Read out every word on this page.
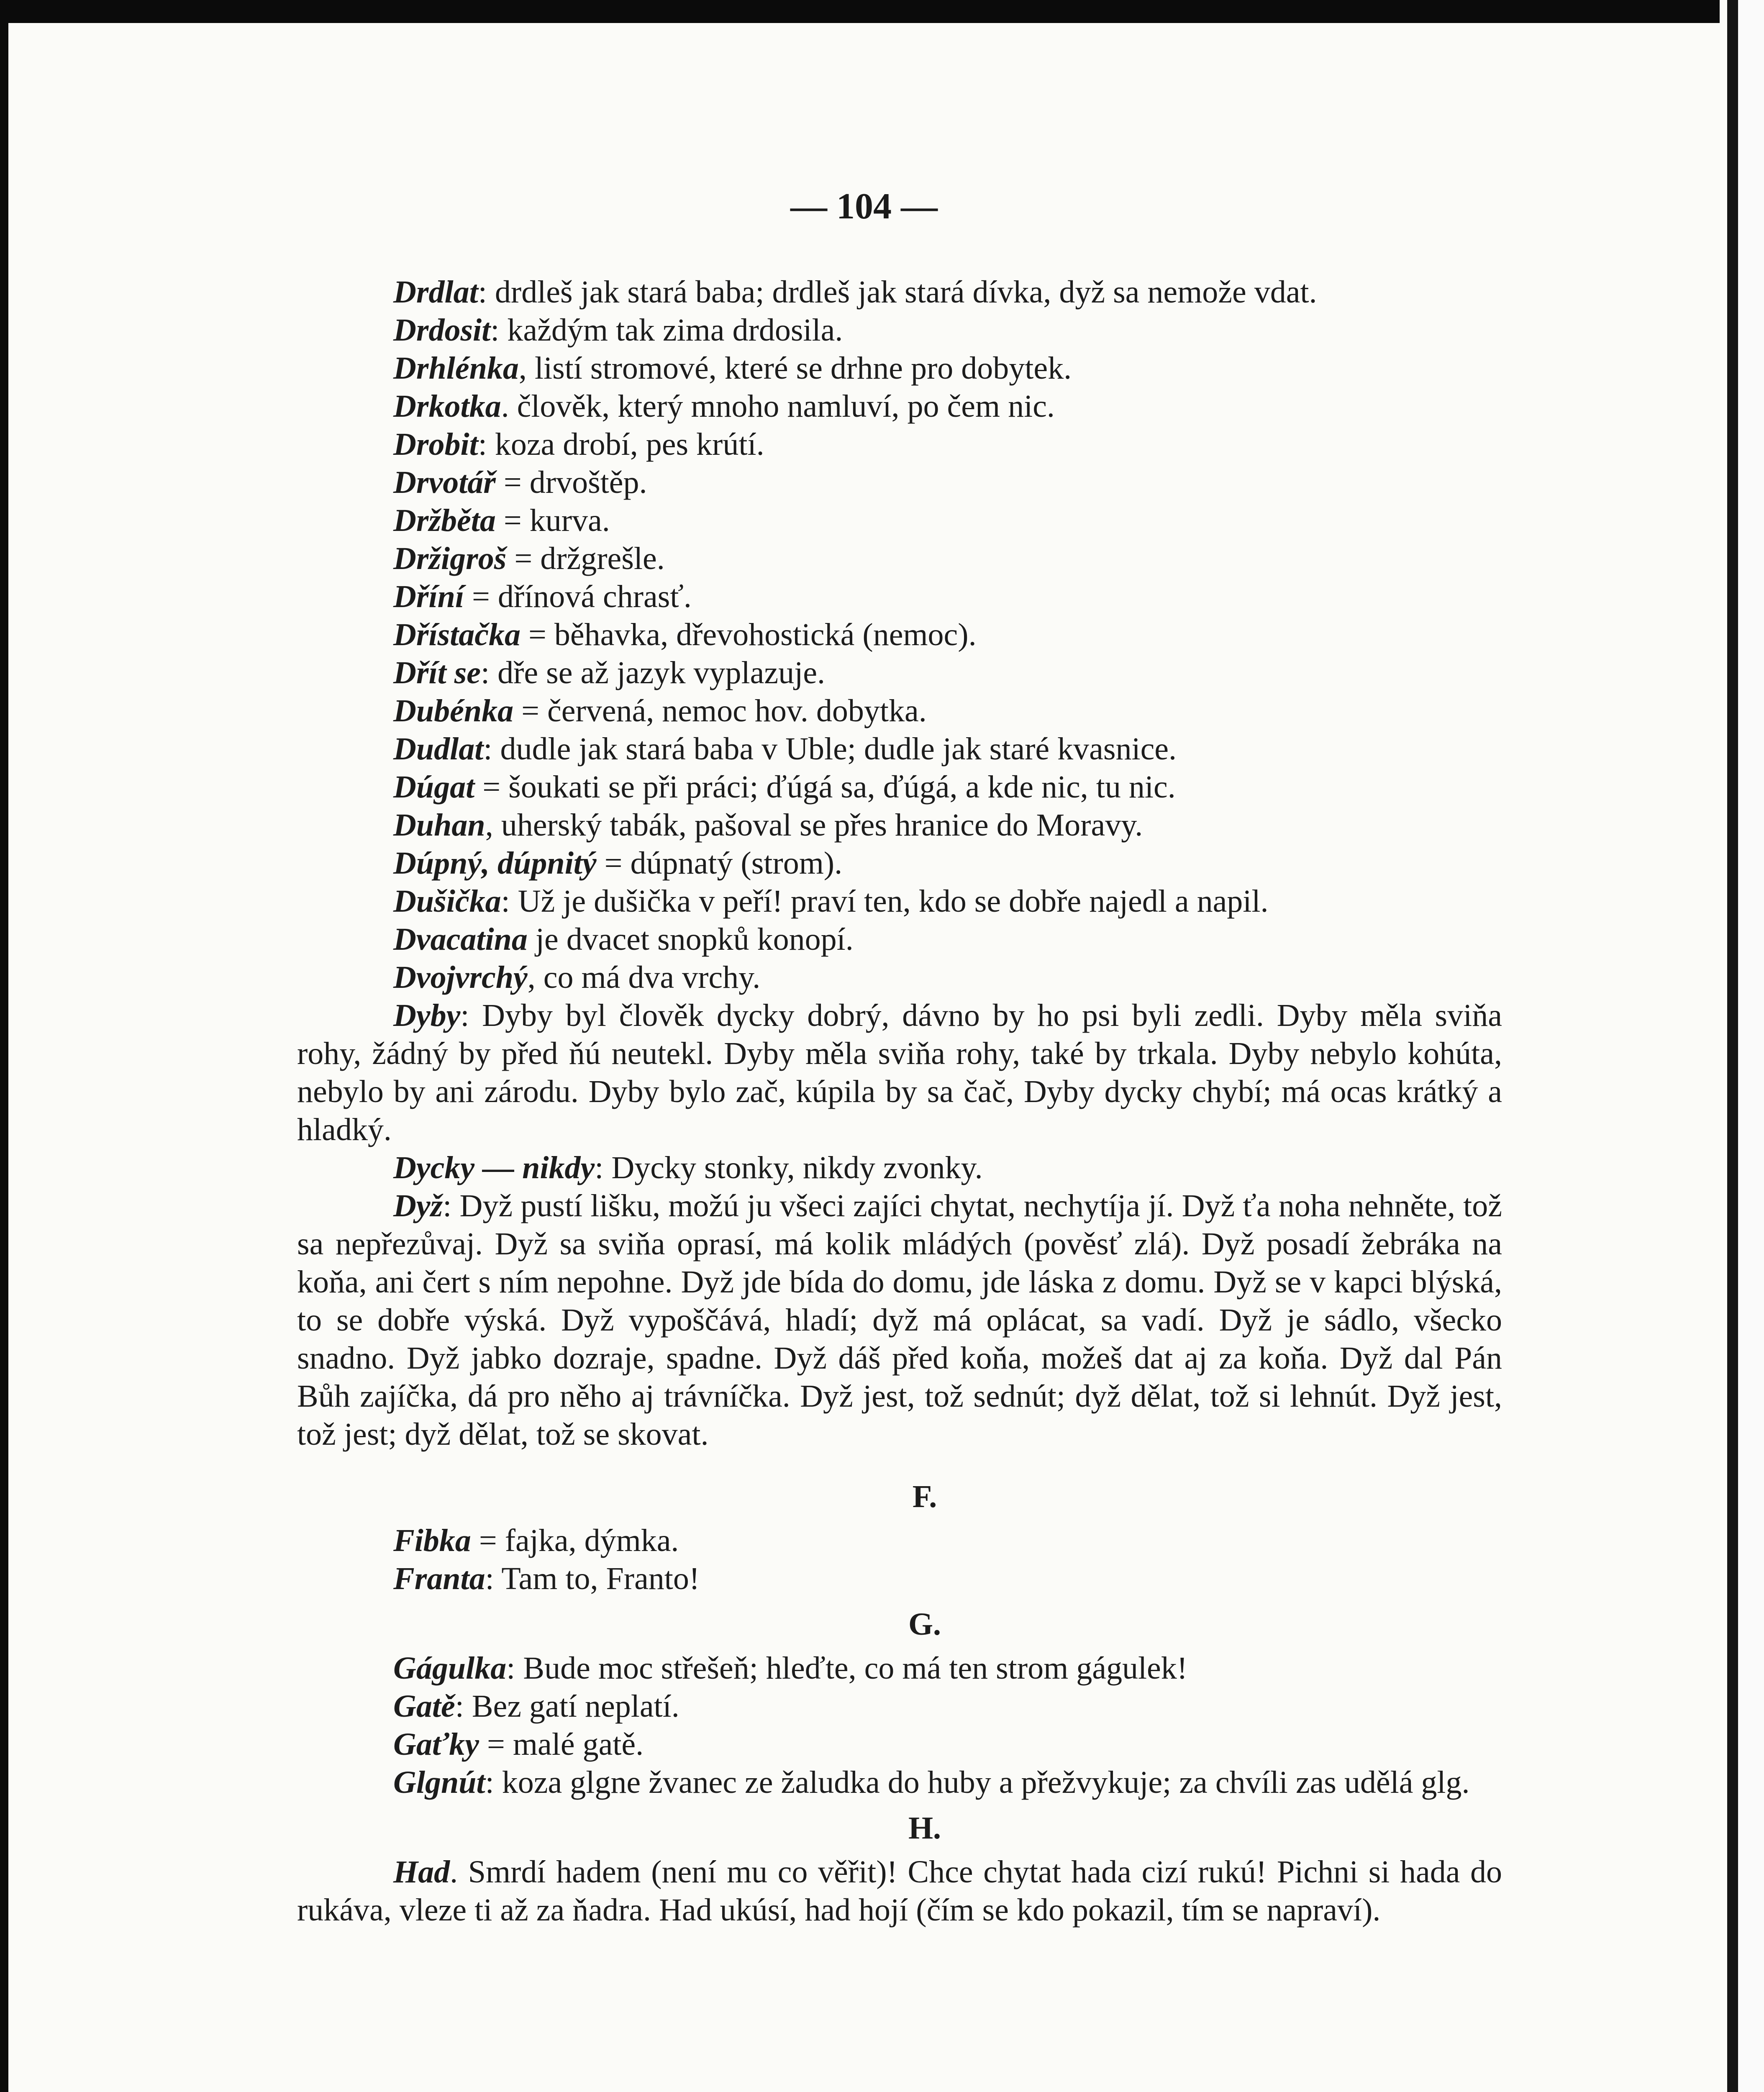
— 104 —

Drdlat: drdleš jak stará baba; drdleš jak stará dívka, dyž sa nemože vdat.

Drdosit: každým tak zima drdosila.

Drhlénka, listí stromové, které se drhne pro dobytek.

Drkotka. člověk, který mnoho namluví, po čem nic.

Drobit: koza drobí, pes krútí.

Drvotář = drvoštěp.

Držběta = kurva.

Držigroš = držgrešle.

Dříní = dřínová chrasť.

Dřístačka = běhavka, dřevohostická (nemoc).

Dřít se: dře se až jazyk vyplazuje.

Dubénka = červená, nemoc hov. dobytka.

Dudlat: dudle jak stará baba v Uble; dudle jak staré kvasnice.

Dúgat = šoukati se při práci; ďúgá sa, ďúgá, a kde nic, tu nic.

Duhan, uherský tabák, pašoval se přes hranice do Moravy.

Dúpný, dúpnitý = dúpnatý (strom).

Dušička: Už je dušička v peří! praví ten, kdo se dobře najedl a napil.

Dvacatina je dvacet snopků konopí.

Dvojvrchý, co má dva vrchy.

Dyby: Dyby byl člověk dycky dobrý, dávno by ho psi byli zedli. Dyby měla sviňa rohy, žádný by před ňú neutekl. Dyby měla sviňa rohy, také by trkala. Dyby nebylo kohúta, nebylo by ani zárodu. Dyby bylo zač, kúpila by sa čač, Dyby dycky chybí; má ocas krátký a hladký.

Dycky — nikdy: Dycky stonky, nikdy zvonky.

Dyž: Dyž pustí lišku, možú ju všeci zajíci chytat, nechytíja jí. Dyž ťa noha nehněte, tož sa nepřezůvaj. Dyž sa sviňa oprasí, má kolik mládých (pověsť zlá). Dyž posadí žebráka na koňa, ani čert s ním nepohne. Dyž jde bída do domu, jde láska z domu. Dyž se v kapci blýská, to se dobře výská. Dyž vypoščává, hladí; dyž má oplácat, sa vadí. Dyž je sádlo, všecko snadno. Dyž jabko dozraje, spadne. Dyž dáš před koňa, možeš dat aj za koňa. Dyž dal Pán Bůh zajíčka, dá pro něho aj trávníčka. Dyž jest, tož sednút; dyž dělat, tož si lehnút. Dyž jest, tož jest; dyž dělat, tož se skovat.

F.

Fibka = fajka, dýmka.

Franta: Tam to, Franto!

G.

Gágulka: Bude moc střešeň; hleďte, co má ten strom gágulek!

Gatě: Bez gatí neplatí.

Gaťky = malé gatě.

Glgnút: koza glgne žvanec ze žaludka do huby a přežvykuje; za chvíli zas udělá glg.

H.

Had. Smrdí hadem (není mu co věřit)! Chce chytat hada cizí rukú! Pichni si hada do rukáva, vleze ti až za ňadra. Had ukúsí, had hojí (čím se kdo pokazil, tím se napraví).
